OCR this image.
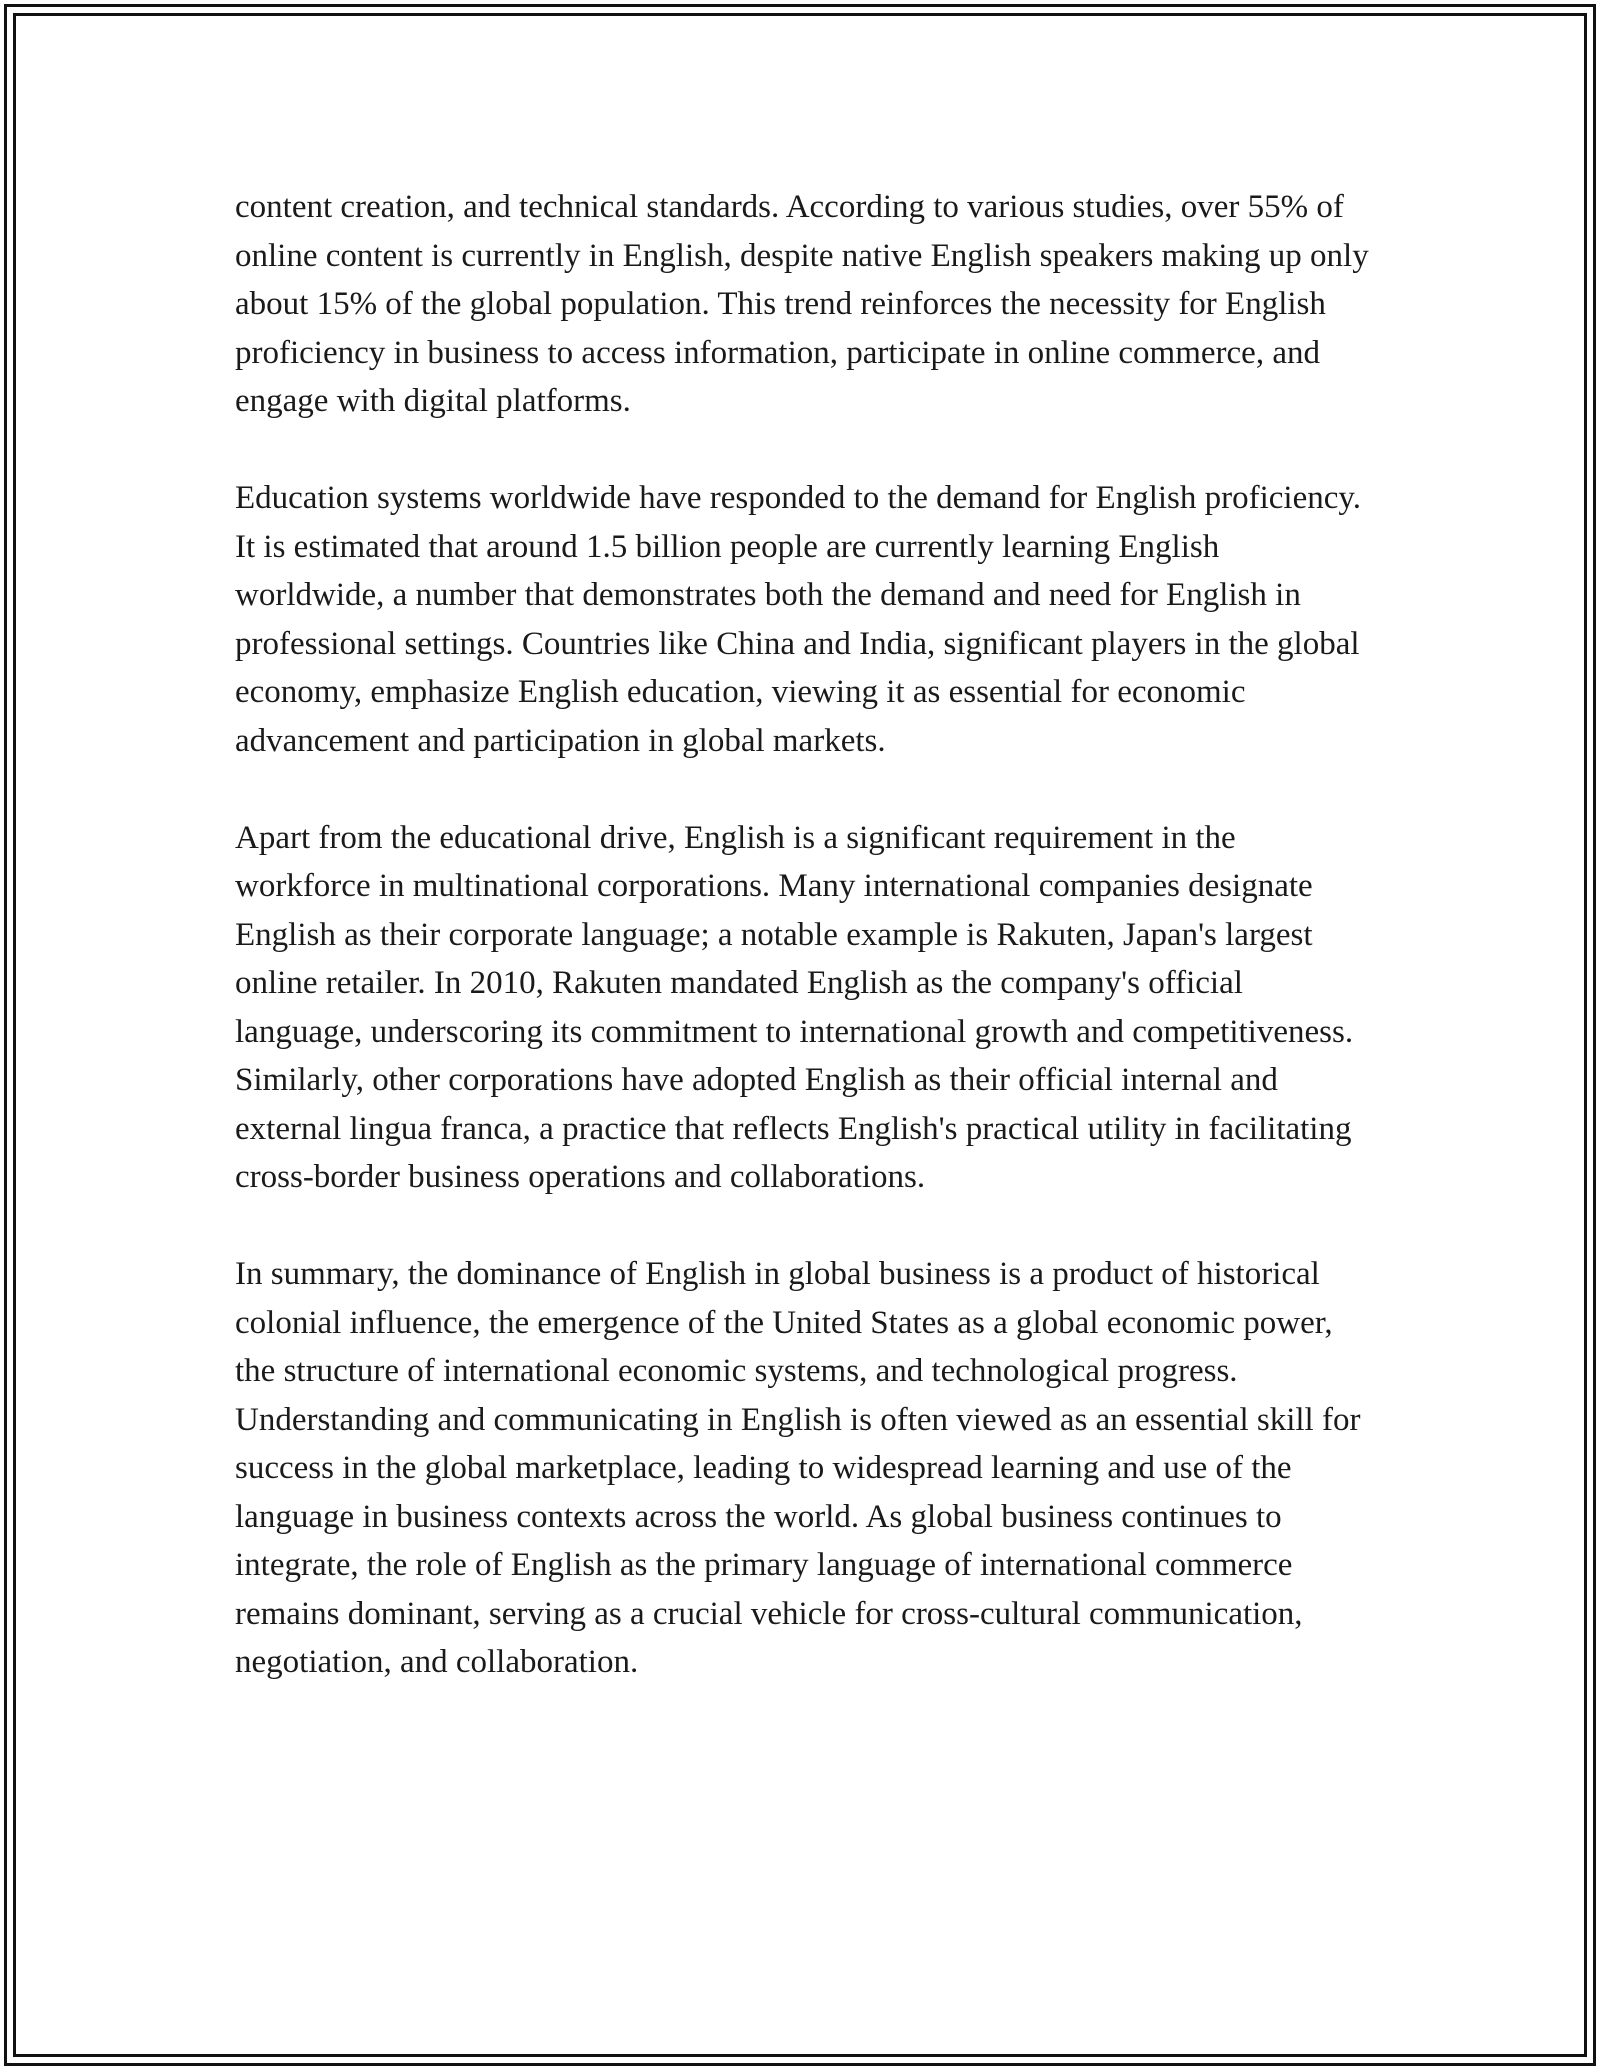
content creation, and technical standards. According to various studies, over 55% of online content is currently in English, despite native English speakers making up only about 15% of the global population. This trend reinforces the necessity for English proficiency in business to access information, participate in online commerce, and engage with digital platforms.

Education systems worldwide have responded to the demand for English proficiency. It is estimated that around 1.5 billion people are currently learning English worldwide, a number that demonstrates both the demand and need for English in professional settings. Countries like China and India, significant players in the global economy, emphasize English education, viewing it as essential for economic advancement and participation in global markets.

Apart from the educational drive, English is a significant requirement in the workforce in multinational corporations. Many international companies designate English as their corporate language; a notable example is Rakuten, Japan's largest online retailer. In 2010, Rakuten mandated English as the company's official language, underscoring its commitment to international growth and competitiveness. Similarly, other corporations have adopted English as their official internal and external lingua franca, a practice that reflects English's practical utility in facilitating cross-border business operations and collaborations.

In summary, the dominance of English in global business is a product of historical colonial influence, the emergence of the United States as a global economic power, the structure of international economic systems, and technological progress. Understanding and communicating in English is often viewed as an essential skill for success in the global marketplace, leading to widespread learning and use of the language in business contexts across the world. As global business continues to integrate, the role of English as the primary language of international commerce remains dominant, serving as a crucial vehicle for cross-cultural communication, negotiation, and collaboration.
